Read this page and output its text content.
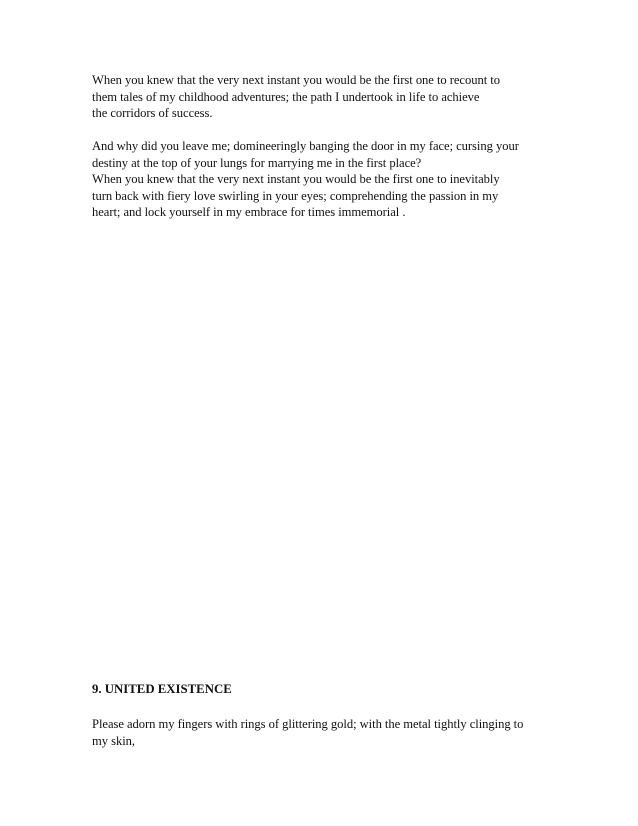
When you knew that the very next instant you would be the first one to recount to
them tales of my childhood adventures; the path I undertook in life to achieve
the corridors of success.
And why did you leave me; domineeringly banging the door in my face; cursing your
destiny at the top of your lungs for marrying me in the first place?
When you knew that the very next instant you would be the first one to inevitably
turn back with fiery love swirling in your eyes; comprehending the passion in my
heart; and lock yourself in my embrace for times immemorial .
9. UNITED EXISTENCE
Please adorn my fingers with rings of glittering gold; with the metal tightly clinging to
my skin,
